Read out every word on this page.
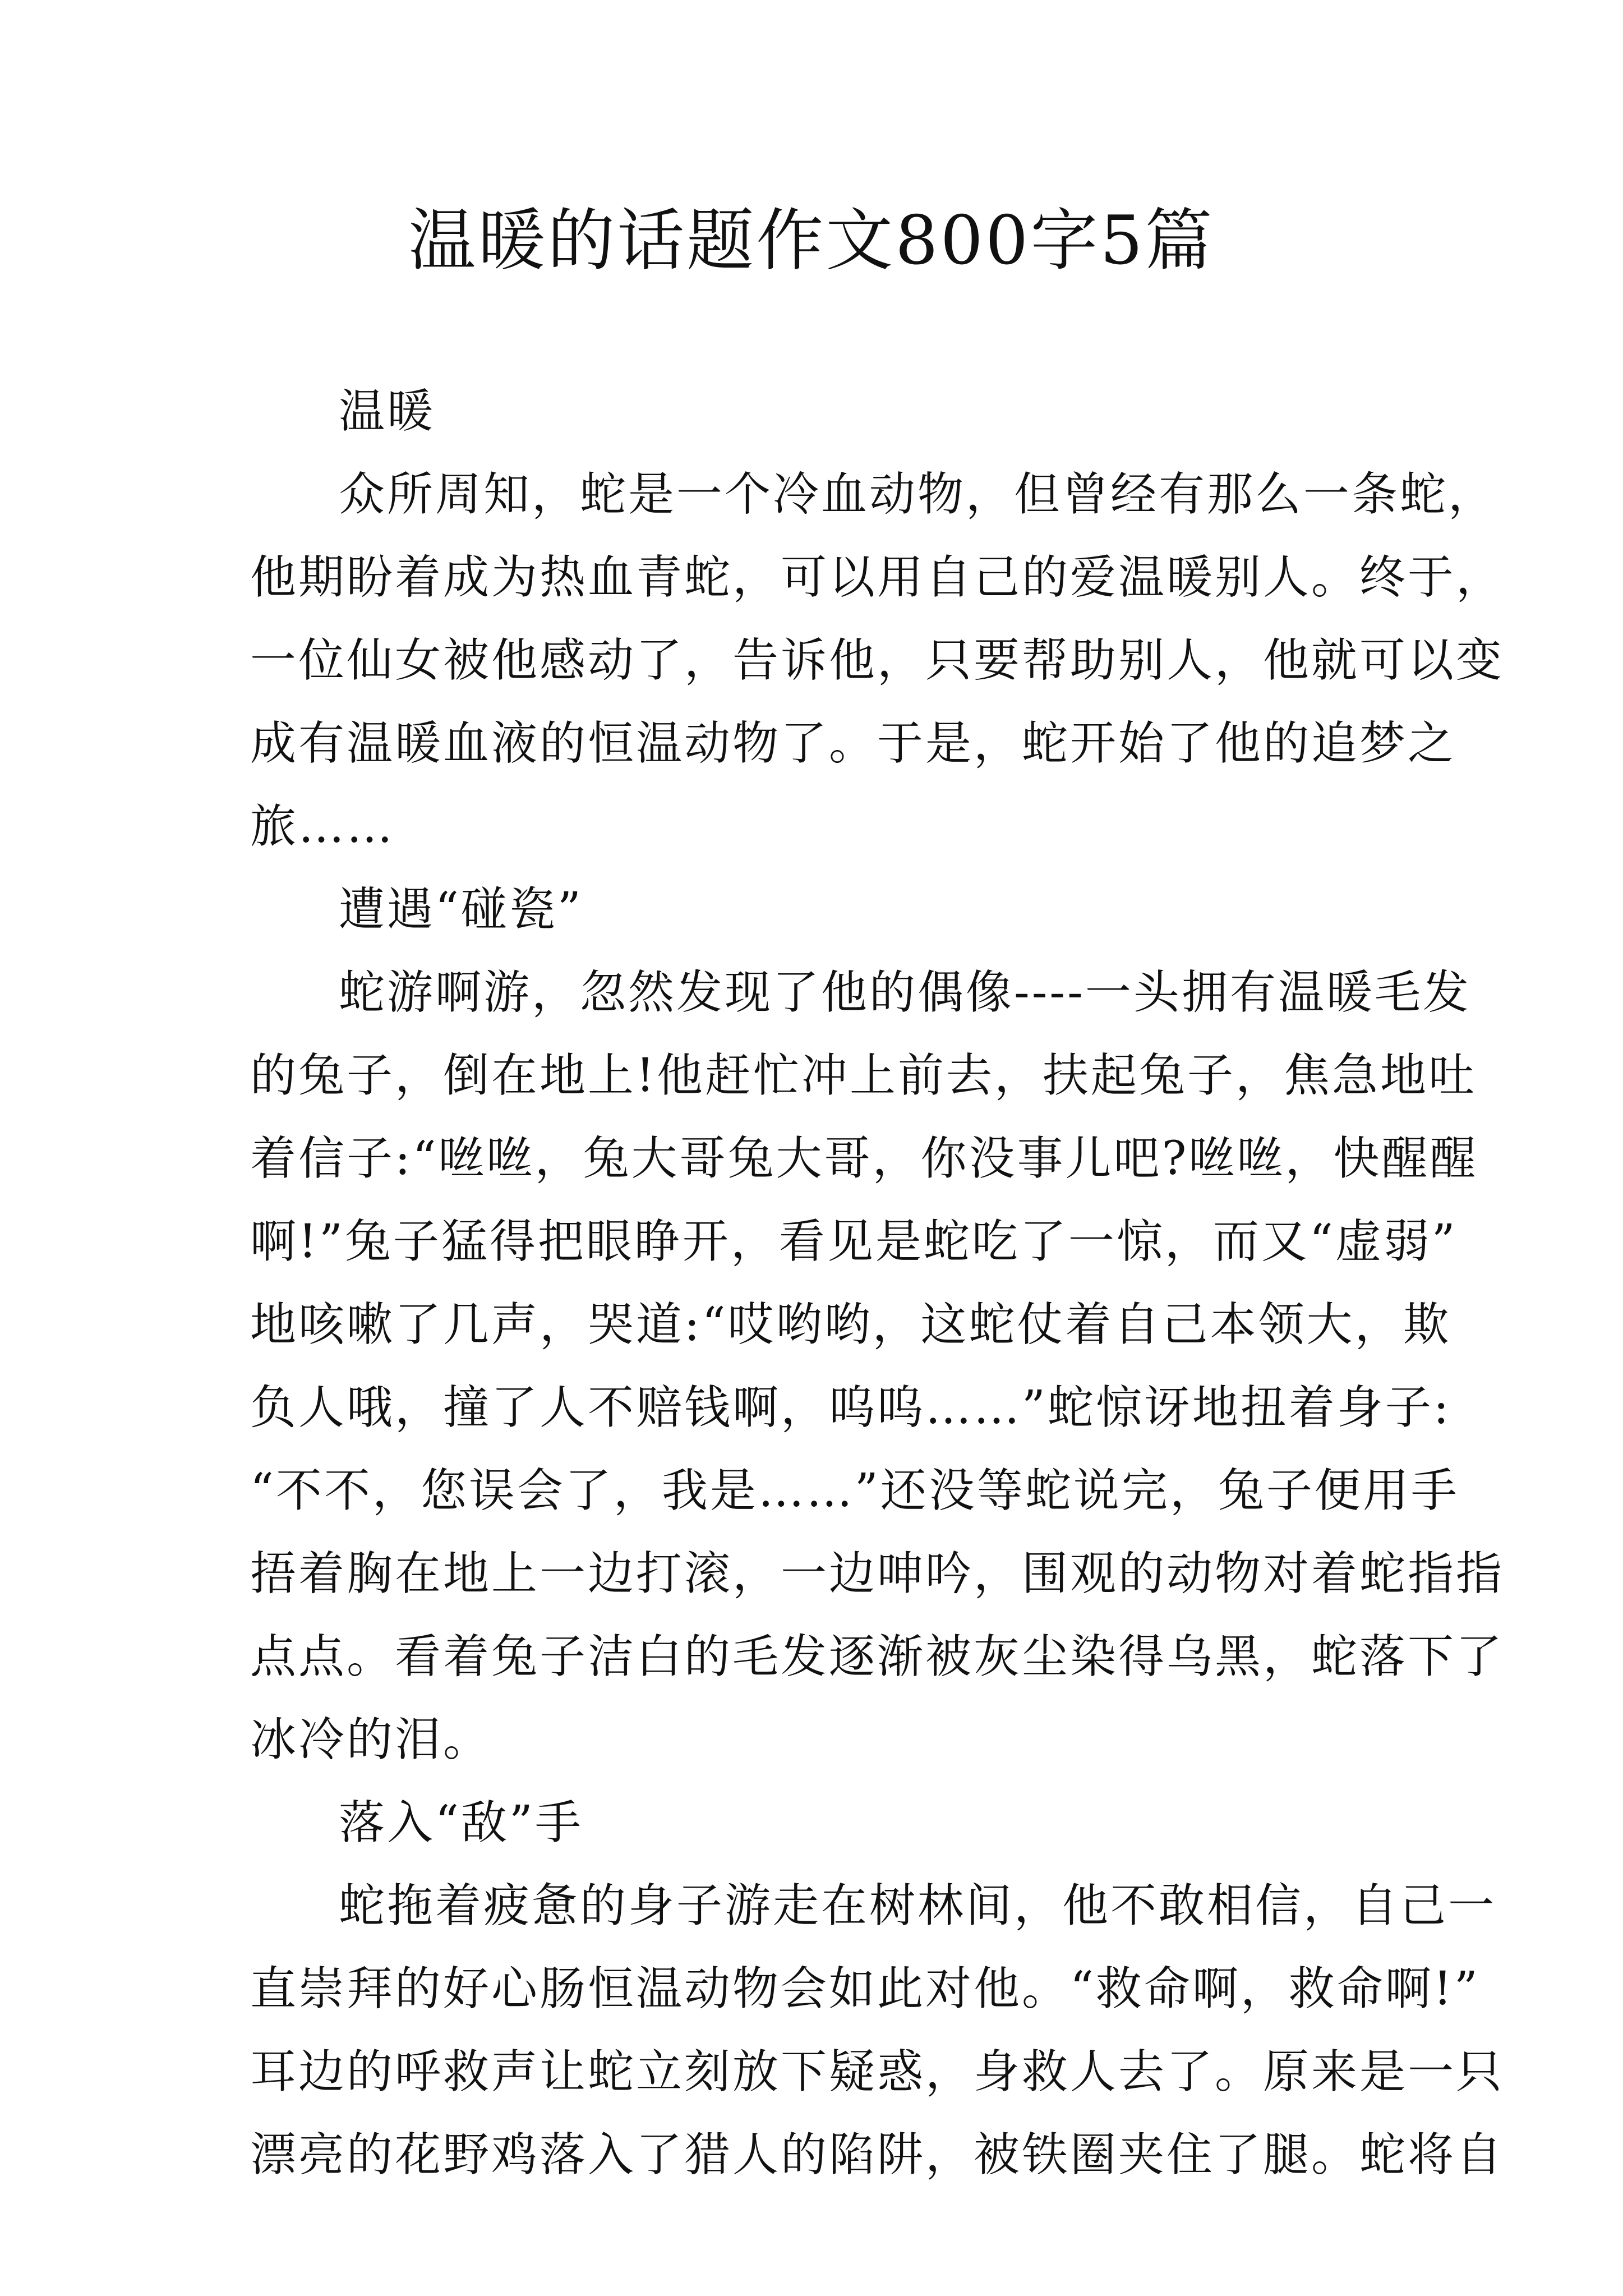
温暖的话题作文800字5篇
温暖
众所周知，蛇是一个冷血动物，但曾经有那么一条蛇，
他期盼着成为热血青蛇，可以用自己的爱温暖别人。终于，
一位仙女被他感动了，告诉他，只要帮助别人，他就可以变
成有温暖血液的恒温动物了。于是，蛇开始了他的追梦之
旅……
遭遇“碰瓷”
蛇游啊游，忽然发现了他的偶像----一头拥有温暖毛发
的兔子，倒在地上!他赶忙冲上前去，扶起兔子，焦急地吐
着信子:“咝咝，兔大哥兔大哥，你没事儿吧?咝咝，快醒醒
啊!”兔子猛得把眼睁开，看见是蛇吃了一惊，而又“虚弱”
地咳嗽了几声，哭道:“哎哟哟，这蛇仗着自己本领大，欺
负人哦，撞了人不赔钱啊，呜呜……”蛇惊讶地扭着身子:
“不不，您误会了，我是……”还没等蛇说完，兔子便用手
捂着胸在地上一边打滚，一边呻吟，围观的动物对着蛇指指
点点。看着兔子洁白的毛发逐渐被灰尘染得乌黑，蛇落下了
冰冷的泪。
落入“敌”手
蛇拖着疲惫的身子游走在树林间，他不敢相信，自己一
直崇拜的好心肠恒温动物会如此对他。“救命啊，救命啊!”
耳边的呼救声让蛇立刻放下疑惑，身救人去了。原来是一只
漂亮的花野鸡落入了猎人的陷阱，被铁圈夹住了腿。蛇将自
